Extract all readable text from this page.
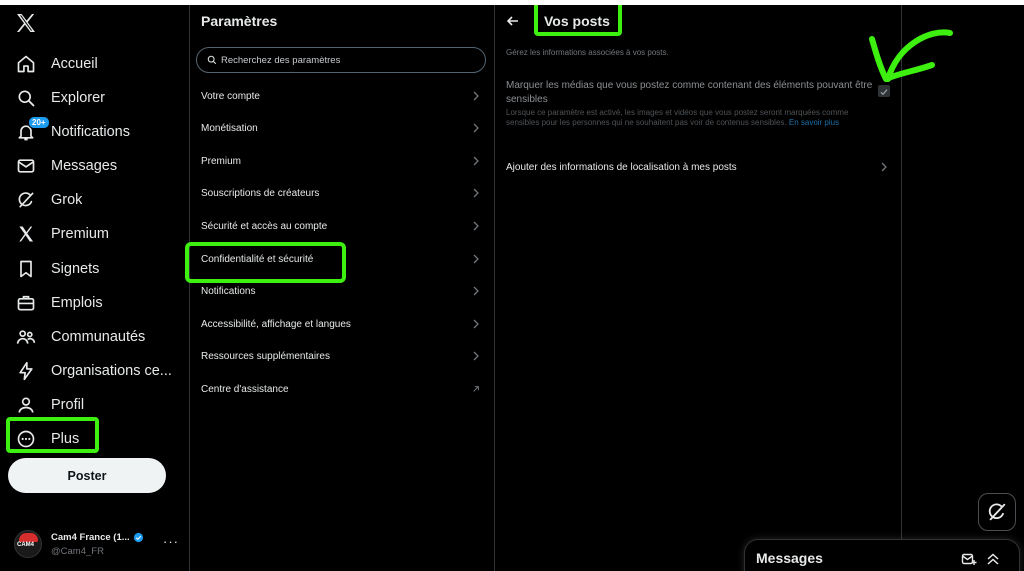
Accueil
Explorer
20+
Notifications
Messages
Grok
Premium
Signets
Emplois
Communautés
Organisations ce...
Profil
Plus
Poster
CAM4
Cam4 France (1...
@Cam4_FR
···
Paramètres
Recherchez des paramètres
Votre compte
Monétisation
Premium
Souscriptions de créateurs
Sécurité et accès au compte
Confidentialité et sécurité
Notifications
Accessibilité, affichage et langues
Ressources supplémentaires
Centre d'assistance
Vos posts
Gérez les informations associées à vos posts.
Marquer les médias que vous postez comme contenant des éléments pouvant être sensibles
Lorsque ce paramètre est activé, les images et vidéos que vous postez seront marquées comme sensibles pour les personnes qui ne souhaitent pas voir de contenus sensibles. En savoir plus
Ajouter des informations de localisation à mes posts
Messages
